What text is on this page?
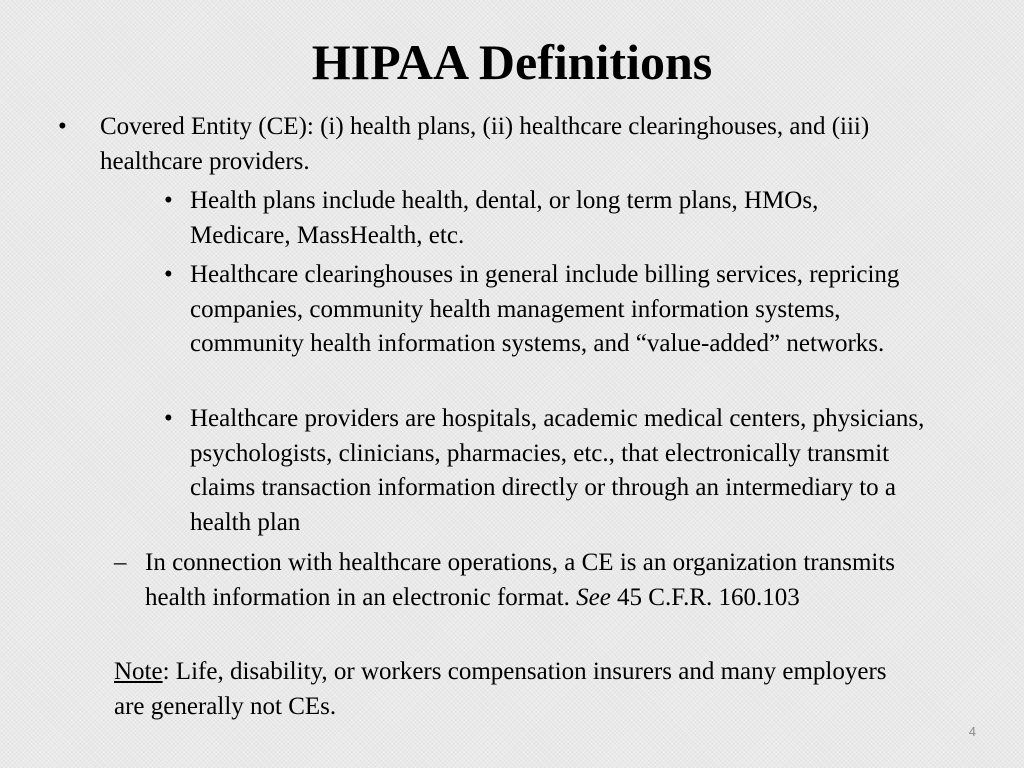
HIPAA Definitions
• Covered Entity (CE): (i) health plans, (ii) healthcare clearinghouses, and (iii) healthcare providers.
• Health plans include health, dental, or long term plans, HMOs, Medicare, MassHealth, etc.
• Healthcare clearinghouses in general include billing services, repricing companies, community health management information systems, community health information systems, and “value-added” networks.
• Healthcare providers are hospitals, academic medical centers, physicians, psychologists, clinicians, pharmacies, etc., that electronically transmit claims transaction information directly or through an intermediary to a health plan
– In connection with healthcare operations, a CE is an organization transmits health information in an electronic format. See 45 C.F.R. 160.103
Note: Life, disability, or workers compensation insurers and many employers are generally not CEs.
4
